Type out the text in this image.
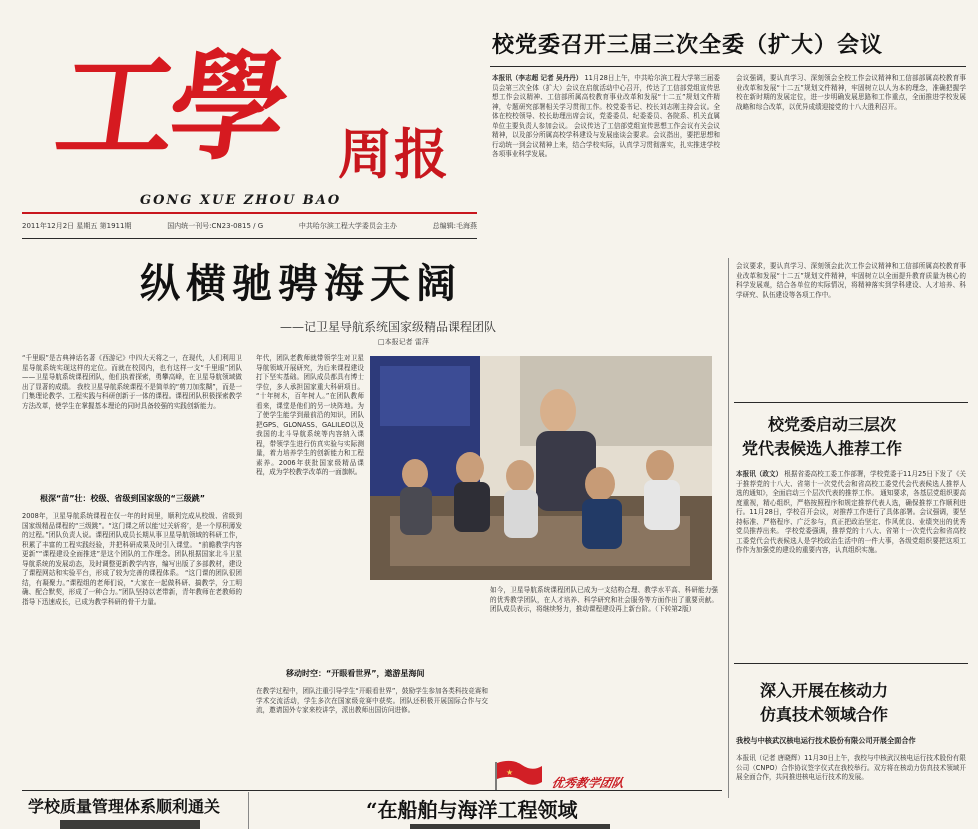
工學 周报
GONG XUE ZHOU BAO
2011年12月2日 星期五 第1911期	国内统一刊号:CN23-0815 / G	中共哈尔滨工程大学委员会主办	总编辑:毛海燕
校党委召开三届三次全委（扩大）会议
本报讯（李志超 记者 吴丹丹） 11月28日上午，中共哈尔滨工程大学第三届委员会第三次全体（扩大）会议在启航活动中心召开，传达了工信部党组宣传思想工作会议精神、工信部所属高校教育事业改革和发展“十二五”规划文件精神，专题研究部署相关学习贯彻工作。校党委书记、校长刘志刚主持会议。全体在校校领导、校长助理出席会议，党委委员、纪委委员、各院系、机关直属单位主要负责人参加会议。 会议传达了工信部党组宣传思想工作会议有关会议精神，以及部分所属高校学科建设与发展座谈会要求。会议指出，要把思想和行动统一到会议精神上来，结合学校实际，认真学习贯彻落实，扎实推进学校各项事业科学发展。
会议强调，要认真学习、深刻领会全校工作会议精神和工信部部属高校教育事业改革和发展“十二五”规划文件精神，牢固树立以人为本的理念，准确把握学校在新时期的发展定位，进一步明确发展思路和工作重点，全面推进学校发展战略和综合改革，以优异成绩迎接党的十八大胜利召开。
会议要求，要认真学习、深刻领会此次工作会议精神和工信部所属高校教育事业改革和发展“十二五”规划文件精神，牢固树立以全面提升教育质量为核心的科学发展观，结合各单位的实际情况，将精神落实到学科建设、人才培养、科学研究、队伍建设等各项工作中。
纵横驰骋海天阔
——记卫星导航系统国家级精品课程团队
□本报记者 雷萍
“千里眼”是古典神话名著《西游记》中四大天将之一，在现代，人们利用卫星导航系统实现这样的定位。而就在校园内，也有这样一支“千里眼”团队——卫星导航系统课程团队，他们执着探索，勇攀高峰，在卫星导航领域做出了显著的成绩。 我校卫星导航系统课程不是简单的“剪刀加浆糊”，而是一门集理论教学、工程实践与科研创新于一体的课程。课程团队积极探索教学方法改革，使学生在掌握基本理论的同时具备较强的实践创新能力。
根深“苗”壮：校级、省级到国家级的“三级跳”
2008年，卫星导航系统课程在仅一年的时间里，顺利完成从校级、省级到国家级精品课程的“三级跳”。“这门课之所以能‘过关斩将’，是一个厚积薄发的过程。”团队负责人说。课程团队成员长期从事卫星导航领域的科研工作，积累了丰富的工程实践经验，并把科研成果及时引入课堂。 “前瞻教学内容更新”“课程建设全面推进”是这个团队的工作理念。团队根据国家北斗卫星导航系统的发展动态，及时调整更新教学内容，编写出版了多部教材，建设了课程网站和实验平台，形成了较为完善的课程体系。 “这门课的团队很团结，有凝聚力。”课程组的老师们说，“大家在一起做科研、搞教学，分工明确、配合默契，形成了一种合力。”团队坚持以老带新，青年教师在老教师的指导下迅速成长，已成为教学科研的骨干力量。
年代，团队老教师就带领学生对卫星导航领域开展研究，为后来课程建设打下坚实基础。团队成员都具有博士学位，多人承担国家重大科研项目。 “十年树木，百年树人。”在团队教师看来，课堂是他们的另一块阵地。为了使学生能学到最前沿的知识，团队把GPS、GLONASS、GALILEO以及我国的北斗导航系统等内容纳入课程，带领学生进行仿真实验与实际测量，着力培养学生的创新能力和工程素养。2006年获批国家级精品课程，成为学校教学改革的一面旗帜。
移动时空：“开眼看世界”，遨游星海间
在教学过程中，团队注重引导学生“开眼看世界”，鼓励学生参加各类科技竞赛和学术交流活动，学生多次在国家级竞赛中获奖。团队还积极开展国际合作与交流，邀请国外专家来校讲学，派出教师出国访问进修。
如今，卫星导航系统课程团队已成为一支结构合理、教学水平高、科研能力强的优秀教学团队，在人才培养、科学研究和社会服务等方面作出了重要贡献。团队成员表示，将继续努力，推动课程建设再上新台阶。（下转第2版）
★
优秀教学团队
校党委启动三层次
党代表候选人推荐工作
本报讯（政文） 根据省委高校工委工作部署，学校党委于11月25日下发了《关于推荐党的十八大、省第十一次党代会和省高校工委党代会代表候选人推荐人选的通知》，全面启动三个层次代表的推荐工作。 通知要求，各基层党组织要高度重视，精心组织，严格按照程序和规定推荐代表人选，确保推荐工作顺利进行。11月28日，学校召开会议，对推荐工作进行了具体部署。会议强调，要坚持标准、严格程序、广泛参与，真正把政治坚定、作风优良、业绩突出的优秀党员推荐出来。 学校党委强调，推荐党的十八大、省第十一次党代会和省高校工委党代会代表候选人是学校政治生活中的一件大事，各级党组织要把这项工作作为加强党的建设的重要内容，认真组织实施。
深入开展在核动力
仿真技术领域合作
我校与中核武汉核电运行技术股份有限公司开展全面合作
本报讯（记者 唐晓辉）11月30日上午，我校与中核武汉核电运行技术股份有限公司（CNPO）合作协议签字仪式在我校举行。双方将在核动力仿真技术领域开展全面合作，共同推进核电运行技术的发展。
学校质量管理体系顺利通关	“在船舶与海洋工程领域
